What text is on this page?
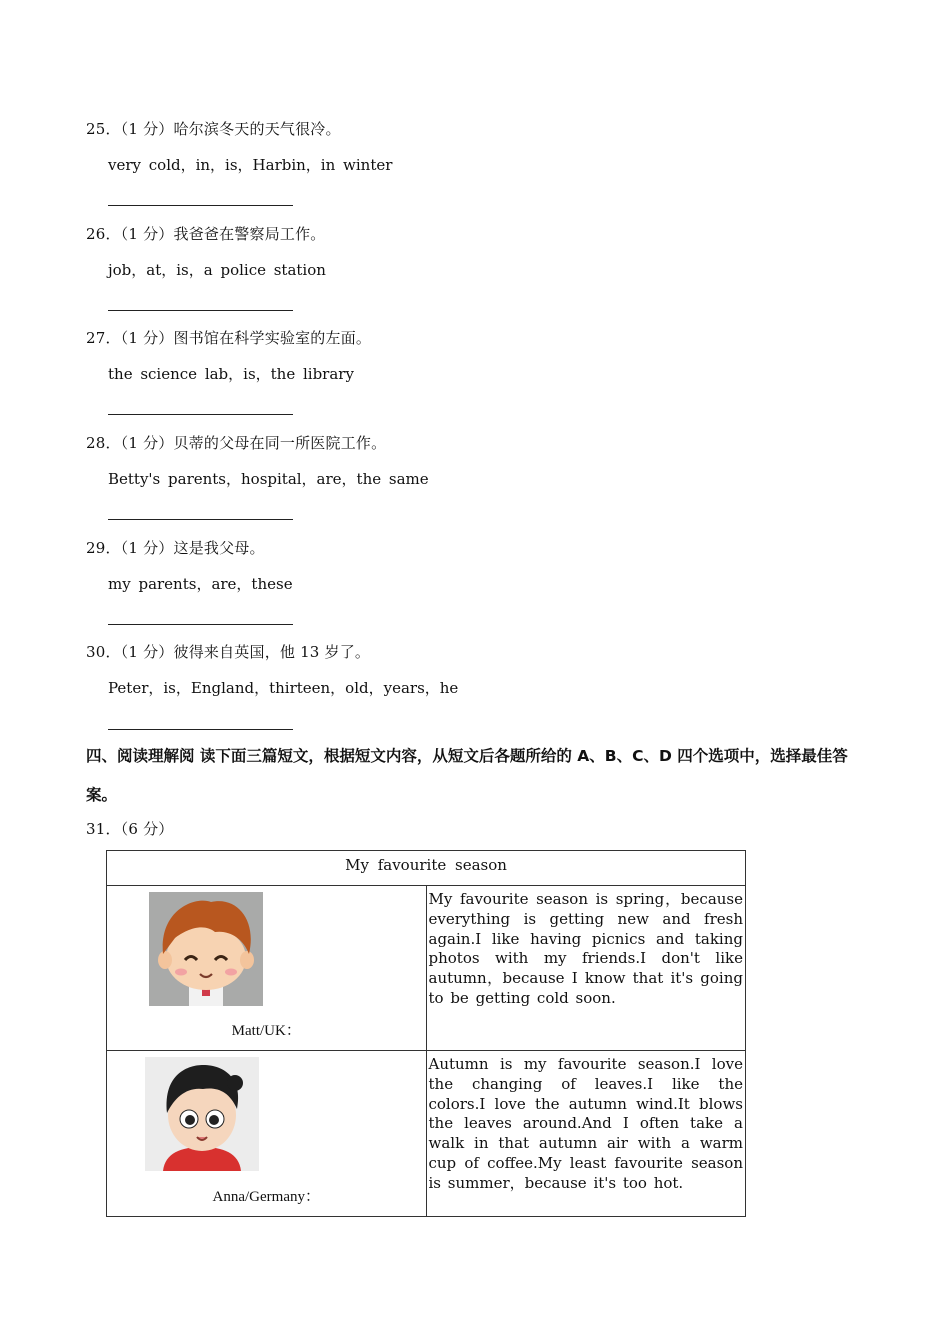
25．（1 分）哈尔滨冬天的天气很冷。
very cold，in，is，Harbin，in winter
26．（1 分）我爸爸在警察局工作。
job，at，is，a police station
27．（1 分）图书馆在科学实验室的左面。
the science lab，is，the library
28．（1 分）贝蒂的父母在同一所医院工作。
Betty's parents，hospital，are，the same
29．（1 分）这是我父母。
my parents，are，these
30．（1 分）彼得来自英国，他 13 岁了。
Peter，is，England，thirteen，old，years，he
四、阅读理解阅 读下面三篇短文，根据短文内容，从短文后各题所给的 A、B、C、D 四个选项中，选择最佳答案。
31．（6 分）
My favourite season	

Matt/UK：	My favourite season is spring，because everything is getting new and fresh again.I like having picnics and taking photos with my friends.I don't like autumn，because I know that it's going to be getting cold soon.

Anna/Germany：	Autumn is my favourite season.I love the changing of leaves.I like the colors.I love the autumn wind.It blows the leaves around.And I often take a walk in that autumn air with a warm cup of coffee.My least favourite season is summer，because it's too hot.
